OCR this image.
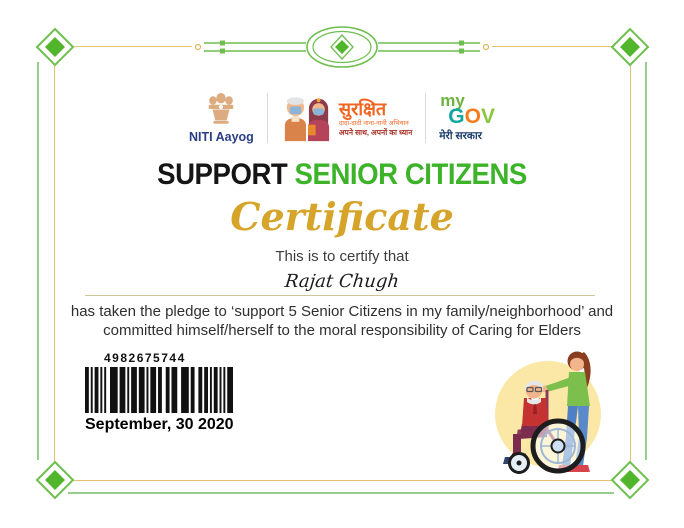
NITI Aayog
सुरक्षित
दादा-दादी नाना-नानी अभियान
अपने साथ, अपनों का ध्यान
my
GOV
मेरी सरकार
SUPPORT SENIOR CITIZENS
Certificate
This is to certify that
Rajat Chugh
has taken the pledge to ‘support 5 Senior Citizens in my family/neighborhood’ and
committed himself/herself to the moral responsibility of Caring for Elders
4982675744
September, 30 2020
